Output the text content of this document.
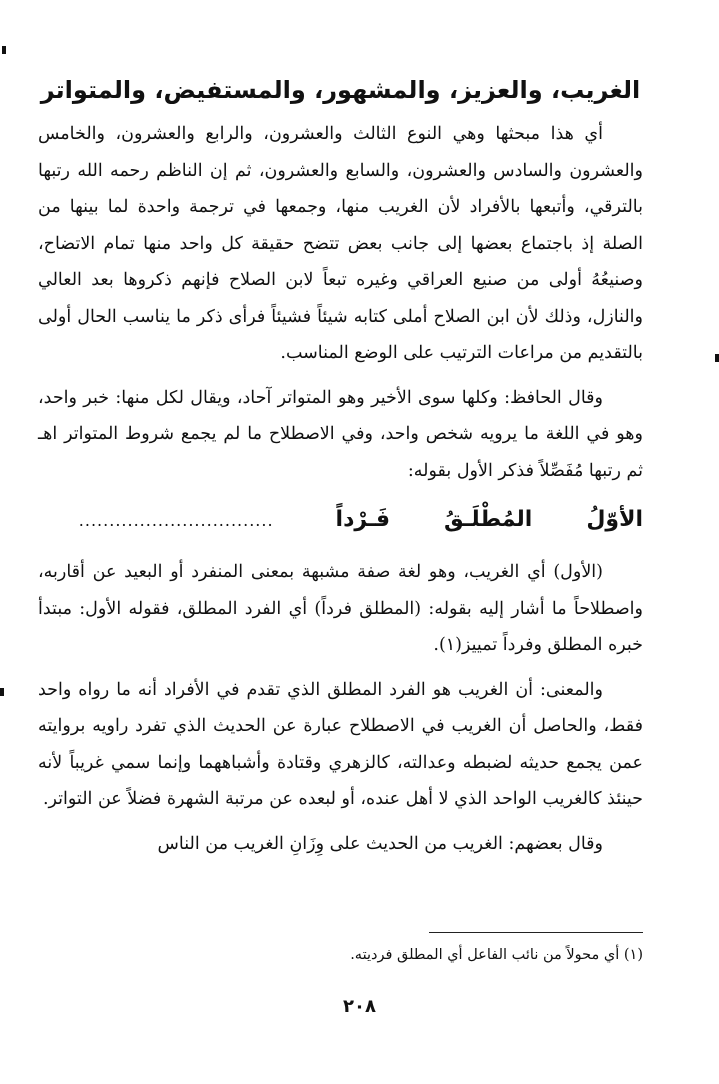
الغريب، والعزيز، والمشهور، والمستفيض، والمتواتر

أي هذا مبحثها وهي النوع الثالث والعشرون، والرابع والعشرون، والخامس والعشرون والسادس والعشرون، والسابع والعشرون، ثم إن الناظم رحمه الله رتبها بالترقي، وأتبعها بالأفراد لأن الغريب منها، وجمعها في ترجمة واحدة لما بينها من الصلة إذ باجتماع بعضها إلى جانب بعض تتضح حقيقة كل واحد منها تمام الاتضاح، وصنيعُهُ أولى من صنيع العراقي وغيره تبعاً لابن الصلاح فإنهم ذكروها بعد العالي والنازل، وذلك لأن ابن الصلاح أملى كتابه شيئاً فشيئاً فرأى ذكر ما يناسب الحال أولى بالتقديم من مراعات الترتيب على الوضع المناسب.

وقال الحافظ: وكلها سوى الأخير وهو المتواتر آحاد، ويقال لكل منها: خبر واحد، وهو في اللغة ما يرويه شخص واحد، وفي الاصطلاح ما لم يجمع شروط المتواتر اهـ ثم رتبها مُفَصِّلاً فذكر الأول بقوله:

الأوّلُ
المُطْلَـقُ
فَـرْداً
................................

(الأول) أي الغريب، وهو لغة صفة مشبهة بمعنى المنفرد أو البعيد عن أقاربه، واصطلاحاً ما أشار إليه بقوله: (المطلق فرداً) أي الفرد المطلق، فقوله الأول: مبتدأ خبره المطلق وفرداً تمييز(١).

والمعنى: أن الغريب هو الفرد المطلق الذي تقدم في الأفراد أنه ما رواه واحد فقط، والحاصل أن الغريب في الاصطلاح عبارة عن الحديث الذي تفرد راويه بروايته عمن يجمع حديثه لضبطه وعدالته، كالزهري وقتادة وأشباههما وإنما سمي غريباً لأنه حينئذ كالغريب الواحد الذي لا أهل عنده، أو لبعده عن مرتبة الشهرة فضلاً عن التواتر.

وقال بعضهم: الغريب من الحديث على وِزَانِ الغريب من الناس

(١) أي محولاً من نائب الفاعل أي المطلق فرديته.
٢٠٨
